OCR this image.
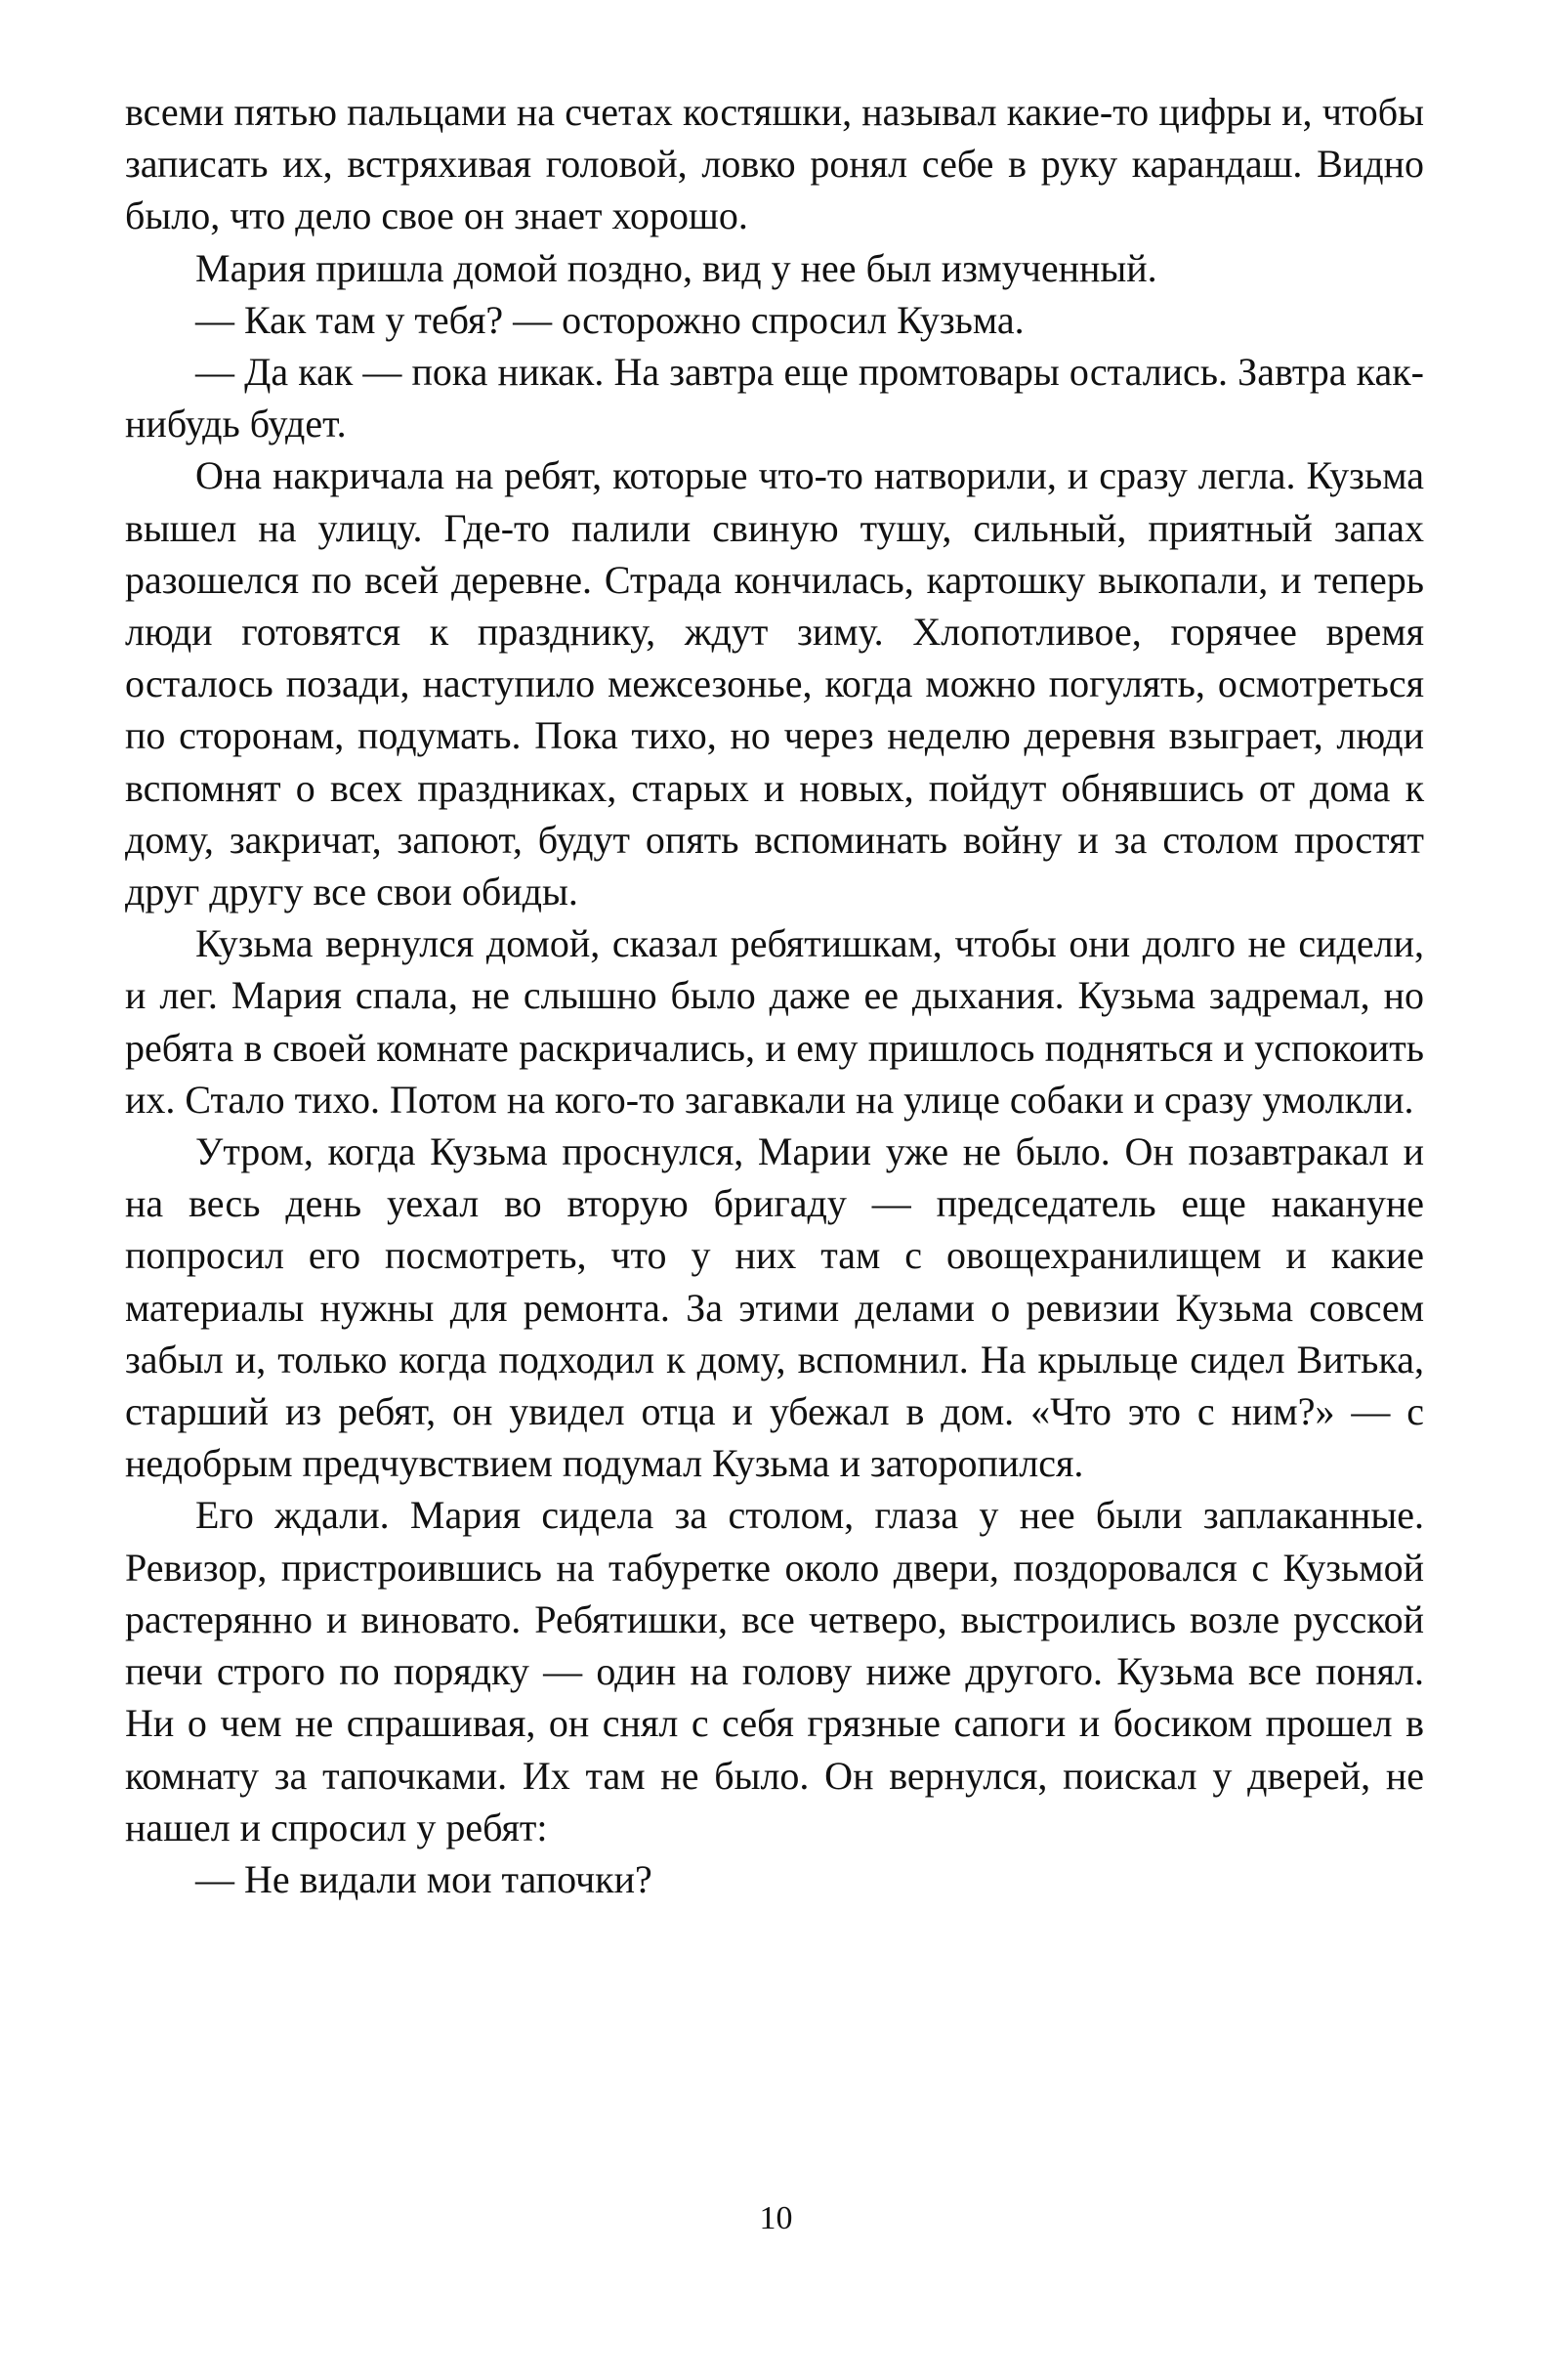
всеми пятью пальцами на счетах костяшки, называл какие-то цифры и, чтобы записать их, встряхивая головой, ловко ронял себе в руку карандаш. Видно было, что дело свое он знает хорошо.

Мария пришла домой поздно, вид у нее был измученный.

— Как там у тебя? — осторожно спросил Кузьма.

— Да как — пока никак. На завтра еще промтовары остались. Завтра как-нибудь будет.

Она накричала на ребят, которые что-то натворили, и сразу легла. Кузьма вышел на улицу. Где-то палили свиную тушу, сильный, приятный запах разошелся по всей деревне. Страда кончилась, картошку выкопали, и теперь люди готовятся к празднику, ждут зиму. Хлопотливое, горячее время осталось позади, наступило межсезонье, когда можно погулять, осмотреться по сторонам, подумать. Пока тихо, но через неделю деревня взыграет, люди вспомнят о всех праздниках, старых и новых, пойдут обнявшись от дома к дому, закричат, запоют, будут опять вспоминать войну и за столом простят друг другу все свои обиды.

Кузьма вернулся домой, сказал ребятишкам, чтобы они долго не сидели, и лег. Мария спала, не слышно было даже ее дыхания. Кузьма задремал, но ребята в своей комнате раскричались, и ему пришлось подняться и успокоить их. Стало тихо. Потом на кого-то загавкали на улице собаки и сразу умолкли.

Утром, когда Кузьма проснулся, Марии уже не было. Он позавтракал и на весь день уехал во вторую бригаду — председатель еще накануне попросил его посмотреть, что у них там с овощехранилищем и какие материалы нужны для ремонта. За этими делами о ревизии Кузьма совсем забыл и, только когда подходил к дому, вспомнил. На крыльце сидел Витька, старший из ребят, он увидел отца и убежал в дом. «Что это с ним?» — с недобрым предчувствием подумал Кузьма и заторопился.

Его ждали. Мария сидела за столом, глаза у нее были заплаканные. Ревизор, пристроившись на табуретке около двери, поздоровался с Кузьмой растерянно и виновато. Ребятишки, все четверо, выстроились возле русской печи строго по порядку — один на голову ниже другого. Кузьма все понял. Ни о чем не спрашивая, он снял с себя грязные сапоги и босиком прошел в комнату за тапочками. Их там не было. Он вернулся, поискал у дверей, не нашел и спросил у ребят:

— Не видали мои тапочки?

10
